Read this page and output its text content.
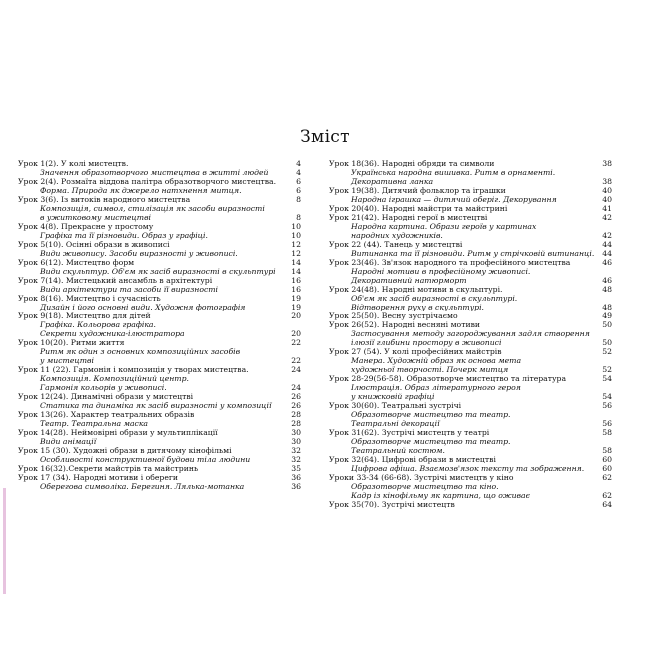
Зміст
Урок 1(2). У колі мистецтв.	4
Значення образотворчого мистецтва в житті людей	4
Урок 2(4). Розмаїта віддова палітра образотворчого мистецтва.	6
Форма. Природа як джерело натхнення митця.	6
Урок 3(6). Із витоків народного мистецтва	8
Композиція, символ, стилізація як засоби виразності
в ужитковому мистецтві	8
Урок 4(8). Прекрасне у простому	10
Графіка та її різновиди. Образ у графіці.	10
Урок 5(10). Осінні образи в живописі	12
Види живопису. Засоби виразності у живописі.	12
Урок 6(12). Мистецтво форм	14
Види скульптур. Об'єм як засіб виразності в скульптурі	14
Урок 7(14). Мистецький ансамбль в архітектурі	16
Види архітектури та засоби її виразності	16
Урок 8(16). Мистецтво і сучасність	19
Дизайн і його основні види. Художня фотографія	19
Урок 9(18). Мистецтво для дітей	20
Графіка. Кольорова графіка.
Секрети художника-ілюстратора	20
Урок 10(20). Ритми життя	22
Ритм як один з основних композиційних засобів
у мистецтві	22
Урок 11 (22). Гармонія і композиція у творах мистецтва.	24
Композиція. Композиційний центр.
Гармонія кольорів у живописі.	24
Урок 12(24). Динамічні образи у мистецтві	26
Статика та динаміка як засіб виразності у композиції	26
Урок 13(26). Характер театральних образів	28
Театр. Театральна маска	28
Урок 14(28). Неймовірні образи у мультиплікації	30
Види анімації	30
Урок 15 (30). Художні образи в дитячому кінофільмі	32
Особливості конструктивної будови тіла людини	32
Урок 16(32).Секрети майстрів та майстринь	35
Урок 17 (34). Народні мотиви і обереги	36
Обереговa символіка. Берегиня. Лялька-мотанка	36
Урок 18(36). Народні обряди та символи	38
Українська народна вишивка. Ритм в орнаментi.
Декоративна ланка	38
Урок 19(38). Дитячий фольклор та іграшки	40
Народна іграшка — дитячий оберіг. Декорування	40
Урок 20(40). Народні майстри та майстрині	41
Урок 21(42). Народні герої в мистецтві	42
Народна картина. Образи героїв у картинах
народних художників.	42
Урок 22 (44). Танець у мистецтві	44
Витинанка та її різновиди. Ритм у стрічковій витинанці.	44
Урок 23(46). Зв'язок народного та професійного мистецтва	46
Народні мотиви в професійному живописі.
Декоративний натюрморт	46
Урок 24(48). Народні мотиви в скульптурі.	48
Об'єм як засіб виразності в скульптурі.
Відтворення руху в скульптурі.	48
Урок 25(50). Весну зустрічаємо	49
Урок 26(52). Народні весняні мотиви	50
Застосування методу загороджування задля створення
ілюзії глибини простору в живописі	50
Урок 27 (54). У колі професійних майстрів	52
Манера. Художній образ як основа мета
художньої творчості. Почерк митця	52
Урок 28-29(56-58). Образотворче мистецтво та література	54
Ілюстрація. Образ літературного героя
у книжковій графіці	54
Урок 30(60). Театральні зустрічі	56
Образотворче мистецтво та театр.
Театральні декорації	56
Урок 31(62). Зустрічі мистецтв у театрі	58
Образотворче мистецтво та театр.
Театральний костюм.	58
Урок 32(64). Цифрові образи в мистецтві	60
Цифрова афіша. Взаємозв'язок тексту та зображення.	60
Уроки 33-34 (66-68). Зустрічі мистецтв у кіно	62
Образотворче мистецтво та кіно.
Кадр із кінофільму як картина, що оживає	62
Урок 35(70). Зустрічі мистецтв	64
